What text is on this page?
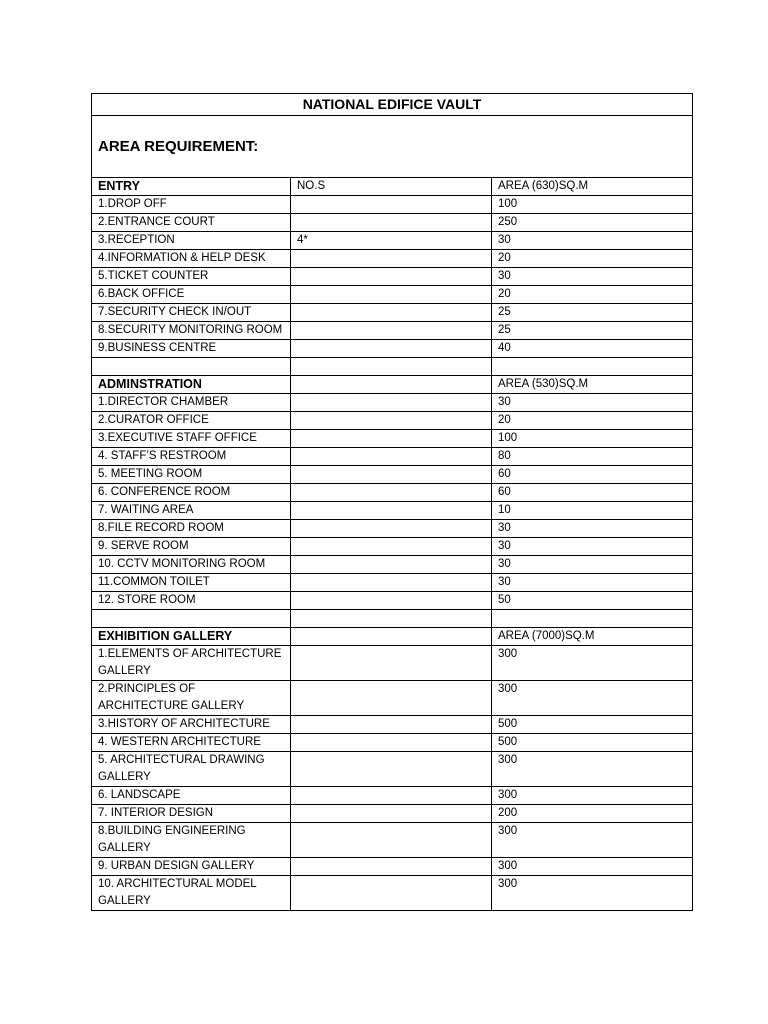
NATIONAL EDIFICE VAULT		
AREA REQUIREMENT:		
ENTRY	NO.S	AREA (630)SQ.M
1.DROP OFF		100
2.ENTRANCE COURT		250
3.RECEPTION	4*	30
4.INFORMATION & HELP DESK		20
5.TICKET COUNTER		30
6.BACK OFFICE		20
7.SECURITY CHECK IN/OUT		25
8.SECURITY MONITORING ROOM		25
9.BUSINESS CENTRE		40

ADMINSTRATION		AREA (530)SQ.M
1.DIRECTOR CHAMBER		30
2.CURATOR OFFICE		20
3.EXECUTIVE STAFF OFFICE		100
4. STAFF’S RESTROOM		80
5. MEETING ROOM		60
6. CONFERENCE ROOM		60
7. WAITING AREA		10
8.FILE RECORD ROOM		30
9. SERVE ROOM		30
10. CCTV MONITORING ROOM		30
11.COMMON TOILET		30
12. STORE ROOM		50

EXHIBITION GALLERY		AREA (7000)SQ.M
1.ELEMENTS OF ARCHITECTURE GALLERY		300
2.PRINCIPLES OF ARCHITECTURE GALLERY		300
3.HISTORY OF ARCHITECTURE		500
4. WESTERN ARCHITECTURE		500
5. ARCHITECTURAL DRAWING GALLERY		300
6. LANDSCAPE		300
7. INTERIOR DESIGN		200
8.BUILDING ENGINEERING GALLERY		300
9. URBAN DESIGN GALLERY		300
10. ARCHITECTURAL MODEL GALLERY		300
